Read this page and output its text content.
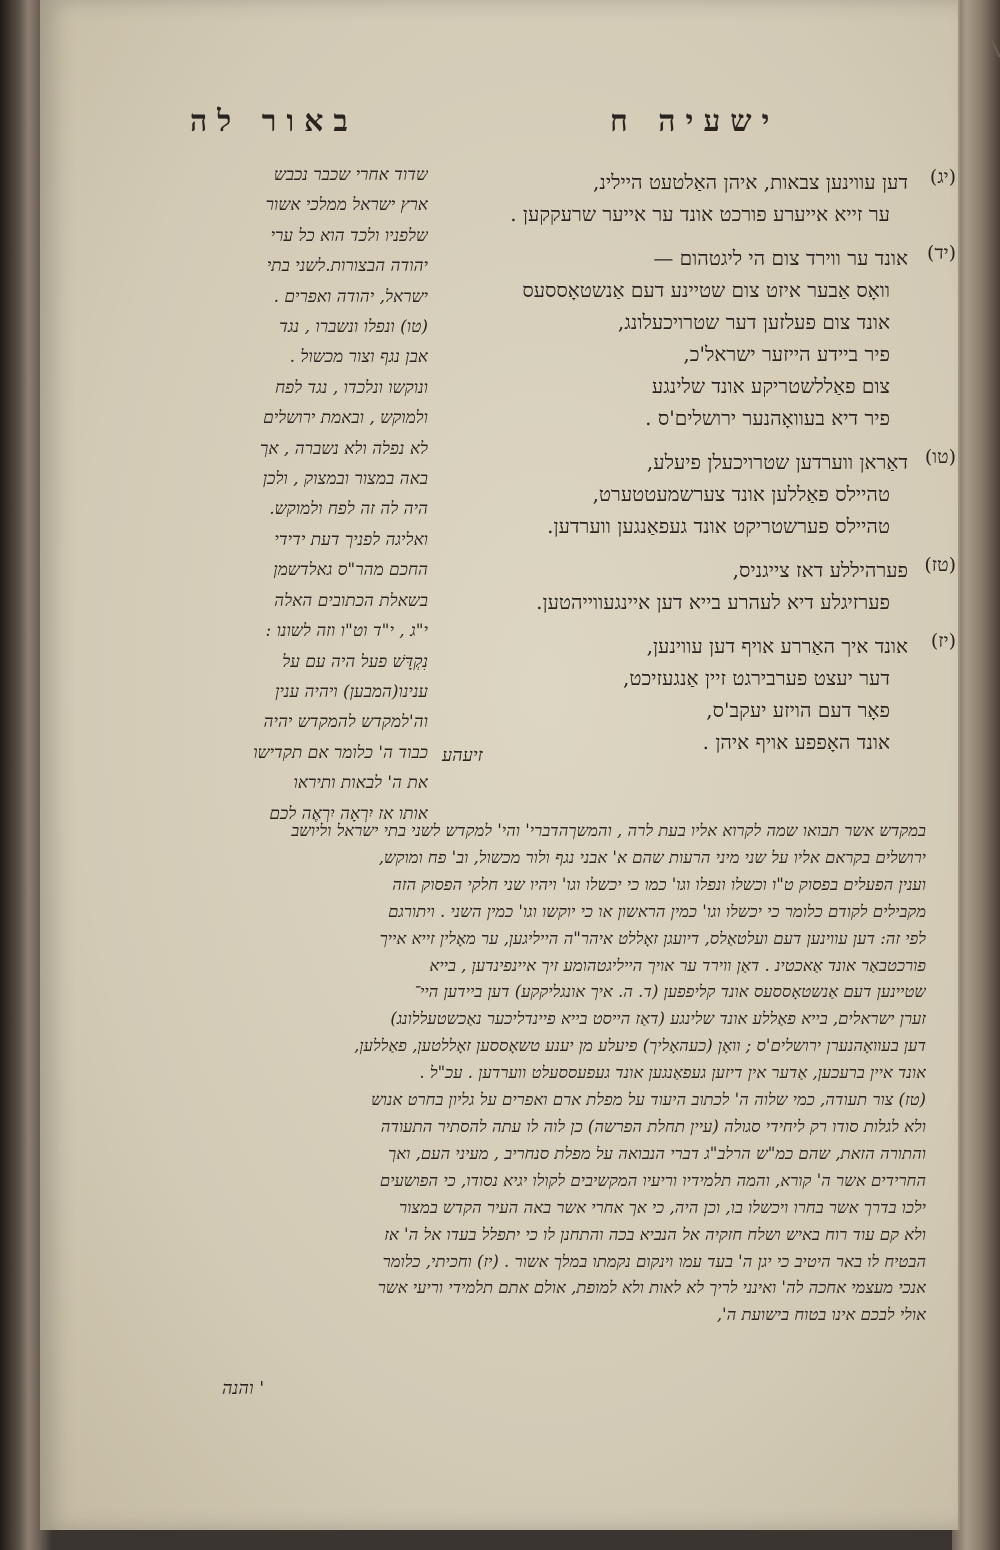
באור לה	ישעיה ח
שדוד אחרי שכבר נכבש
ארץ ישראל ממלכי אשור
שלפניו ולכד הוא כל ערי
יהודה הבצורות.לשני בתי
ישראל, יהודה ואפרים .
(טו) ונפלו ונשברו , נגד
אבן נגף וצור מכשול .
ונוקשו ונלכדו , נגד לפח
ולמוקש , ובאמת ירושלים
לא נפלה ולא נשברה , אך
באה במצור ובמצוק , ולכן
היה לה זה לפח ולמוקש.
ואליגה לפניך דעת ידידי
החכם מהר"ס גאלדשמן
בשאלת הכתובים האלה
י"ג , י"ד וט"ו וזה לשונו :
נִקְדָּשׁ פעל היה עם על
ענינו(המבען) ויהיה ענין
וה'למקדש להמקדש יהיה
כבוד ה' כלומר אם תקדישו
את ה' לבאות ותיראו
אותו אז יִרְאָה יִרְאֶה לכם
(יג)
דען עווינען צבאות, איהן האַלטעט היילינ,
ער זייא אייערע פורכט אונד ער אייער שרעקקען .
(יד)
אונד ער ווירד צום הי ליגטהום —
וואָס אַבער איזט צום שטיינע דעם אַנשטאָססעס
אונד צום פעלזען דער שטרויכעלונג,
פיר ביידע הייזער ישראל'כ,
צום פאַללשטריקע אונד שלינגע
פיר דיא בעוואָהנער ירושלים'ס .
(טו)
דאַראן ווערדען שטרויכעלן פיעלע,
טהיילס פאַללען אונד צערשמעטטערט,
טהיילס פערשטריקט אונד געפאַנגען ווערדען.
(טז)
פערהיללע דאז צייגניס,
פערזיגלע דיא לעהרע בייא דען איינגעווייהטען.
(יז)
אונד איך האַררע אויף דען עווינען,
דער יעצט פערבירגט זיין אַנגעזיכט,
פאָר דעם הויזע יעקב'ס,
אונד האָפפע אויף איהן .
זיעהע
במקדש אשר תבואו שמה לקרוא אליו בעת לרה , והמשךהדברי' והי' למקדש לשני בתי ישראל וליושב
ירושלים בקראם אליו על שני מיני הרעות שהם א' אבני נגף ולור מכשול, וב' פח ומוקש,
וענין הפעלים בפסוק ט"ו וכשלו ונפלו וגו' כמו כי יכשלו וגו' ויהיו שני חלקי הפסוק הזה
מקבילים לקודם כלומר כי יכשלו וגו' כמין הראשון או כי יוקשו וגו' כמין השני . ויתורגם
לפי זה: דען עווינען דעם ועלטאַלס, דיועגן זאָללט איהר"ה הייליגען, ער מאָלין זייא אייך
פורכטבאַר אונד אַאכטינ . דאַן ווירד ער אויך הייליגטהומע זיך איינפינדען , בייא
שטיינען דעם אַנשטאָססעס אונד קליפפען (ד. ה. איך אונגליקקע) דען ביידען היי־
זערן ישראלים, בייא פאַללע אונד שלינגע (דאַז הייסט בייא פיינדליכער נאַכשטעללונג)
דען בעוואָהנערן ירושלים'ס ; וואָן (כעהאָליך) פיעלע מן יענע טשאָססען זאָללטען, פאַללען,
אונד איין ברעכען, אַדער אין דיזען געפאַנגען אונד געפעססעלט ווערדען . עכ"ל .
(טז) צור תעודה, כמי שלוה ה' לכתוב היעוד על מפלת ארם ואפרים על גליון בחרט אנוש
ולא לגלות סודו רק ליחידי סגולה (עיין תחלת הפרשה) כן לוה לו עתה להסתיר התעודה
והתורה הזאת, שהם כמ"ש הרלב"ג דברי הנבואה על מפלת סנחריב , מעיני העם, ואך
החרידים אשר ה' קורא, והמה תלמידיו וריעיו המקשיבים לקולו יגיא נסודו, כי הפושעים
ילכו בדרך אשר בחרו ויכשלו בו, וכן היה, כי אך אחרי אשר באה העיר הקדש במצור
ולא קם עוד רוח באיש ושלח חזקיה אל הנביא בכה והתחנן לו כי יתפלל בעדו אל ה' אז
הבטיח לו באר היטיב כי יגן ה' בעד עמו וינקום נקמתו במלך אשור . (יז) וחכיתי, כלומר
אנכי מעצמי אחכה לה' ואינני לריך לא לאות ולא למופת, אולם אתם תלמידי וריעי אשר
אולי לבכם אינו בטוח בישועת ה',
' והנה
